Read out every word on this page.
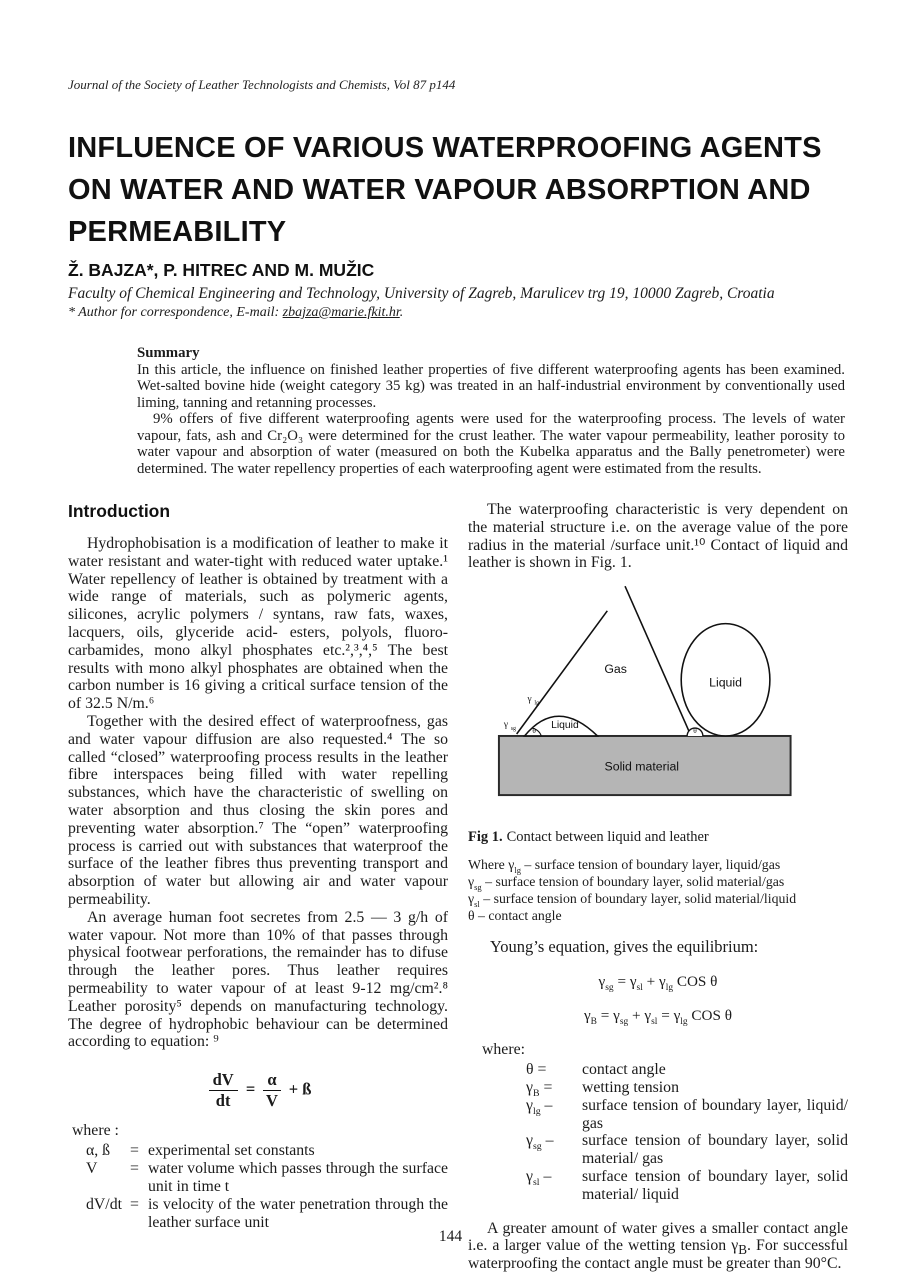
Journal of the Society of Leather Technologists and Chemists, Vol 87 p144
INFLUENCE OF VARIOUS WATERPROOFING AGENTS
ON WATER AND WATER VAPOUR ABSORPTION AND
PERMEABILITY
Ž. BAJZA*, P. HITREC AND M. MUŽIC
Faculty of Chemical Engineering and Technology, University of Zagreb, Marulicev trg 19, 10000 Zagreb, Croatia
* Author for correspondence, E-mail: zbajza@marie.fkit.hr.
Summary

In this article, the influence on finished leather properties of five different waterproofing agents has been examined. Wet-salted bovine hide (weight category 35 kg) was treated in an half-industrial environment by conventionally used liming, tanning and retanning processes.

9% offers of five different waterproofing agents were used for the waterproofing process. The levels of water vapour, fats, ash and Cr₂O₃ were determined for the crust leather. The water vapour permeability, leather porosity to water vapour and absorption of water (measured on both the Kubelka apparatus and the Bally penetrometer) were determined. The water repellency properties of each waterproofing agent were estimated from the results.

Introduction

Hydrophobisation is a modification of leather to make it water resistant and water-tight with reduced water uptake.¹ Water repellency of leather is obtained by treatment with a wide range of materials, such as polymeric agents, silicones, acrylic polymers / syntans, raw fats, waxes, lacquers, oils, glyceride acid- esters, polyols, fluoro-carbamides, mono alkyl phosphates etc.²,³,⁴,⁵ The best results with mono alkyl phosphates are obtained when the carbon number is 16 giving a critical surface tension of the of 32.5 N/m.⁶

Together with the desired effect of waterproofness, gas and water vapour diffusion are also requested.⁴ The so called “closed” waterproofing process results in the leather fibre interspaces being filled with water repelling substances, which have the characteristic of swelling on water absorption and thus closing the skin pores and preventing water absorption.⁷ The “open” waterproofing process is carried out with substances that waterproof the surface of the leather fibres thus preventing transport and absorption of water but allowing air and water vapour permeability.

An average human foot secretes from 2.5 — 3 g/h of water vapour. Not more than 10% of that passes through physical footwear perforations, the remainder has to difuse through the leather pores. Thus leather requires permeability to water vapour of at least 9-12 mg/cm².⁸ Leather porosity⁵ depends on manufacturing technology. The degree of hydrophobic behaviour can be determined according to equation: ⁹

$\frac{dV}{dt} = \frac{\alpha}{V}$ + ß
where :
α, ß	= experimental set constants
V	= water volume which passes through the surface unit in time t
dV/dt = is velocity of the water penetration through the leather surface unit

The waterproofing characteristic is very dependent on the material structure i.e. on the average value of the pore radius in the material /surface unit.¹⁰ Contact of liquid and leather is shown in Fig. 1.

Gas
Liquid
Liquid
Solid material
γ lg
γ sg θ	θ
Fig 1. Contact between liquid and leather
Where $\gamma_{lg}$ – surface tension of boundary layer, liquid/gas
$\gamma_{sg}$ – surface tension of boundary layer, solid material/gas
$\gamma_{sl}$ – surface tension of boundary layer, solid material/liquid
θ – contact angle

Young’s equation, gives the equilibrium:

$\gamma_{sg} = \gamma_{sl} + \gamma_{lg}$ COS θ
$\gamma_B = \gamma_{sg} + \gamma_{sl} = \gamma_{lg}$ COS θ
where:
θ =	contact angle
$\gamma_B$ =	wetting tension
$\gamma_{lg}$ –	surface tension of boundary layer, liquid/ gas
$\gamma_{sg}$ –	surface tension of boundary layer, solid material/ gas
$\gamma_{sl}$ –	surface tension of boundary layer, solid material/ liquid

A greater amount of water gives a smaller contact angle i.e. a larger value of the wetting tension $\gamma_B$. For successful waterproofing the contact angle must be greater than 90°C.

144
